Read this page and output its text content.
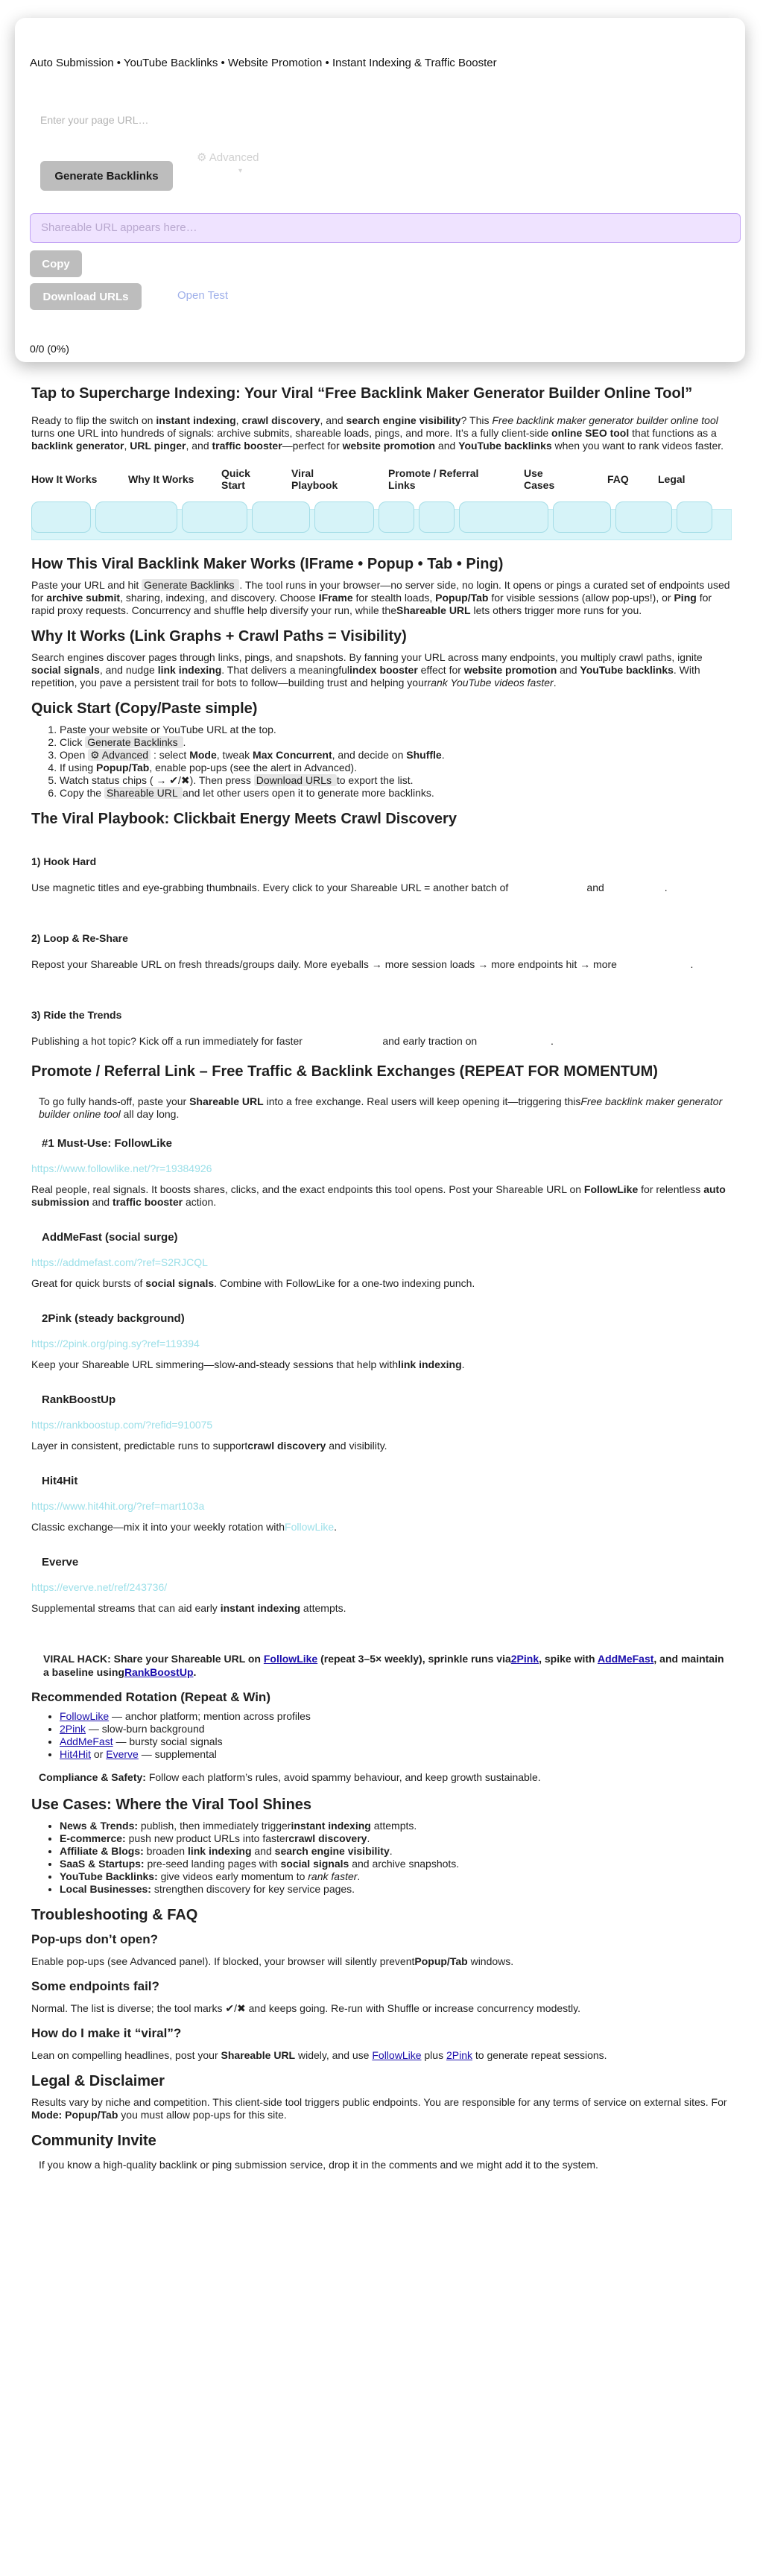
Auto Submission • YouTube Backlinks • Website Promotion • Instant Indexing & Traffic Booster
Enter your page URL…
Generate Backlinks
⚙ Advanced
▾
Shareable URL appears here…
Copy
Download URLs	Open Test
0/0 (0%)
Tap to Supercharge Indexing: Your Viral “Free Backlink Maker Generator Builder Online Tool”

Ready to flip the switch on instant indexing, crawl discovery, and search engine visibility? This Free backlink maker generator builder online tool turns one URL into hundreds of signals: archive submits, shareable loads, pings, and more. It’s a fully client-side online SEO tool that functions as a backlink generator, URL pinger, and traffic booster—perfect for website promotion and YouTube backlinks when you want to rank videos faster.

How It Works	Why It Works	Quick Start
Viral Playbook
Promote / Referral Links
Use Cases	FAQ	Legal
How This Viral Backlink Maker Works (IFrame • Popup • Tab • Ping)

Paste your URL and hit Generate Backlinks . The tool runs in your browser—no server side, no login. It opens or pings a curated set of endpoints used for archive submit, sharing, indexing, and discovery. Choose IFrame for stealth loads, Popup/Tab for visible sessions (allow pop-ups!), or Ping for rapid proxy requests. Concurrency and shuffle help diversify your run, while theShareable URL lets others trigger more runs for you.

Why It Works (Link Graphs + Crawl Paths = Visibility)

Search engines discover pages through links, pings, and snapshots. By fanning your URL across many endpoints, you multiply crawl paths, ignite social signals, and nudge link indexing. That delivers a meaningfulindex booster effect for website promotion and YouTube backlinks. With repetition, you pave a persistent trail for bots to follow—building trust and helping yourrank YouTube videos faster.

Quick Start (Copy/Paste simple)
1. Paste your website or YouTube URL at the top.
2. Click Generate Backlinks .
3. Open ⚙ Advanced : select Mode, tweak Max Concurrent, and decide on Shuffle.
4. If using Popup/Tab, enable pop-ups (see the alert in Advanced).
5. Watch status chips ( → ✔/✖). Then press Download URLs to export the list.
6. Copy the Shareable URL and let other users open it to generate more backlinks.
The Viral Playbook: Clickbait Energy Meets Crawl Discovery
1) Hook Hard

Use magnetic titles and eye-grabbing thumbnails. Every click to your Shareable URL = another batch of instant indexing and link indexing.

2) Loop & Re-Share

Repost your Shareable URL on fresh threads/groups daily. More eyeballs → more session loads → more endpoints hit → more crawl discovery.

3) Ride the Trends

Publishing a hot topic? Kick off a run immediately for faster indexing signals and early traction on search engines.

Promote / Referral Link – Free Traffic & Backlink Exchanges (REPEAT FOR MOMENTUM)

To go fully hands-off, paste your Shareable URL into a free exchange. Real users will keep opening it—triggering thisFree backlink maker generator builder online tool all day long.

#1 Must-Use: FollowLike
https://www.followlike.net/?r=19384926

Real people, real signals. It boosts shares, clicks, and the exact endpoints this tool opens. Post your Shareable URL on FollowLike for relentless auto submission and traffic booster action.

AddMeFast (social surge)
https://addmefast.com/?ref=S2RJCQL

Great for quick bursts of social signals. Combine with FollowLike for a one-two indexing punch.

2Pink (steady background)
https://2pink.org/ping.sy?ref=119394

Keep your Shareable URL simmering—slow-and-steady sessions that help withlink indexing.

RankBoostUp
https://rankboostup.com/?refid=910075

Layer in consistent, predictable runs to supportcrawl discovery and visibility.

Hit4Hit
https://www.hit4hit.org/?ref=mart103a

Classic exchange—mix it into your weekly rotation withFollowLike.

Everve
https://everve.net/ref/243736/

Supplemental streams that can aid early instant indexing attempts.

VIRAL HACK: Share your Shareable URL on FollowLike (repeat 3–5× weekly), sprinkle runs via2Pink, spike with AddMeFast, and maintain a baseline usingRankBoostUp.
Recommended Rotation (Repeat & Win)
• FollowLike — anchor platform; mention across profiles
• 2Pink — slow-burn background
• AddMeFast — bursty social signals
• Hit4Hit or Everve — supplemental

Compliance & Safety: Follow each platform’s rules, avoid spammy behaviour, and keep growth sustainable.

Use Cases: Where the Viral Tool Shines
• News & Trends: publish, then immediately triggerinstant indexing attempts.
• E-commerce: push new product URLs into fastercrawl discovery.
• Affiliate & Blogs: broaden link indexing and search engine visibility.
• SaaS & Startups: pre-seed landing pages with social signals and archive snapshots.
• YouTube Backlinks: give videos early momentum to rank faster.
• Local Businesses: strengthen discovery for key service pages.
Troubleshooting & FAQ
Pop-ups don’t open?

Enable pop-ups (see Advanced panel). If blocked, your browser will silently preventPopup/Tab windows.

Some endpoints fail?

Normal. The list is diverse; the tool marks ✔/✖ and keeps going. Re-run with Shuffle or increase concurrency modestly.

How do I make it “viral”?

Lean on compelling headlines, post your Shareable URL widely, and use FollowLike plus 2Pink to generate repeat sessions.

Legal & Disclaimer

Results vary by niche and competition. This client-side tool triggers public endpoints. You are responsible for any terms of service on external sites. For Mode: Popup/Tab you must allow pop-ups for this site.

Community Invite

If you know a high-quality backlink or ping submission service, drop it in the comments and we might add it to the system.
